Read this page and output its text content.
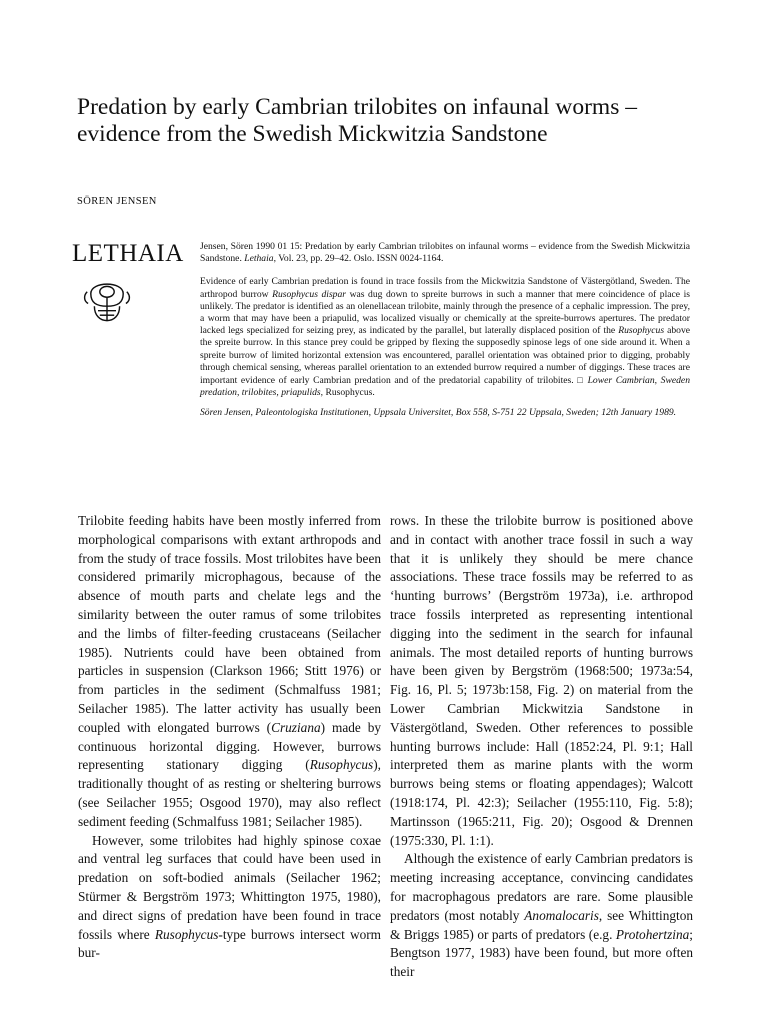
Predation by early Cambrian trilobites on infaunal worms – evidence from the Swedish Mickwitzia Sandstone
SÖREN JENSEN
LETHAIA Jensen, Sören 1990 01 15: Predation by early Cambrian trilobites on infaunal worms – evidence from the Swedish Mickwitzia Sandstone. Lethaia, Vol. 23, pp. 29–42. Oslo. ISSN 0024-1164.

Evidence of early Cambrian predation is found in trace fossils from the Mickwitzia Sandstone of Västergötland, Sweden. The arthropod burrow Rusophycus dispar was dug down to spreite burrows in such a manner that mere coincidence of place is unlikely. The predator is identified as an olenellacean trilobite, mainly through the presence of a cephalic impression. The prey, a worm that may have been a priapulid, was localized visually or chemically at the spreite-burrows apertures. The predator lacked legs specialized for seizing prey, as indicated by the parallel, but laterally displaced position of the Rusophycus above the spreite burrow. In this stance prey could be gripped by flexing the supposedly spinose legs of one side around it. When a spreite burrow of limited horizontal extension was encountered, parallel orientation was obtained prior to digging, probably through chemical sensing, whereas parallel orientation to an extended burrow required a number of diggings. These traces are important evidence of early Cambrian predation and of the predatorial capability of trilobites. □ Lower Cambrian, Sweden predation, trilobites, priapulids, Rusophycus.

Sören Jensen, Paleontologiska Institutionen, Uppsala Universitet, Box 558, S-751 22 Uppsala, Sweden; 12th January 1989.

Trilobite feeding habits have been mostly inferred from morphological comparisons with extant arthropods and from the study of trace fossils. Most trilobites have been considered primarily microphagous, because of the absence of mouth parts and chelate legs and the similarity between the outer ramus of some trilobites and the limbs of filter-feeding crustaceans (Seilacher 1985). Nutrients could have been obtained from particles in suspension (Clarkson 1966; Stitt 1976) or from particles in the sediment (Schmalfuss 1981; Seilacher 1985). The latter activity has usually been coupled with elongated burrows (Cruziana) made by continuous horizontal digging. However, burrows representing stationary digging (Rusophycus), traditionally thought of as resting or sheltering burrows (see Seilacher 1955; Osgood 1970), may also reflect sediment feeding (Schmalfuss 1981; Seilacher 1985).

However, some trilobites had highly spinose coxae and ventral leg surfaces that could have been used in predation on soft-bodied animals (Seilacher 1962; Stürmer & Bergström 1973; Whittington 1975, 1980), and direct signs of predation have been found in trace fossils where Rusophycus-type burrows intersect worm bur-

rows. In these the trilobite burrow is positioned above and in contact with another trace fossil in such a way that it is unlikely they should be mere chance associations. These trace fossils may be referred to as ‘hunting burrows’ (Bergström 1973a), i.e. arthropod trace fossils interpreted as representing intentional digging into the sediment in the search for infaunal animals. The most detailed reports of hunting burrows have been given by Bergström (1968:500; 1973a:54, Fig. 16, Pl. 5; 1973b:158, Fig. 2) on material from the Lower Cambrian Mickwitzia Sandstone in Västergötland, Sweden. Other references to possible hunting burrows include: Hall (1852:24, Pl. 9:1; Hall interpreted them as marine plants with the worm burrows being stems or floating appendages); Walcott (1918:174, Pl. 42:3); Seilacher (1955:110, Fig. 5:8); Martinsson (1965:211, Fig. 20); Osgood & Drennen (1975:330, Pl. 1:1).

Although the existence of early Cambrian predators is meeting increasing acceptance, convincing candidates for macrophagous predators are rare. Some plausible predators (most notably Anomalocaris, see Whittington & Briggs 1985) or parts of predators (e.g. Protohertzina; Bengtson 1977, 1983) have been found, but more often their
